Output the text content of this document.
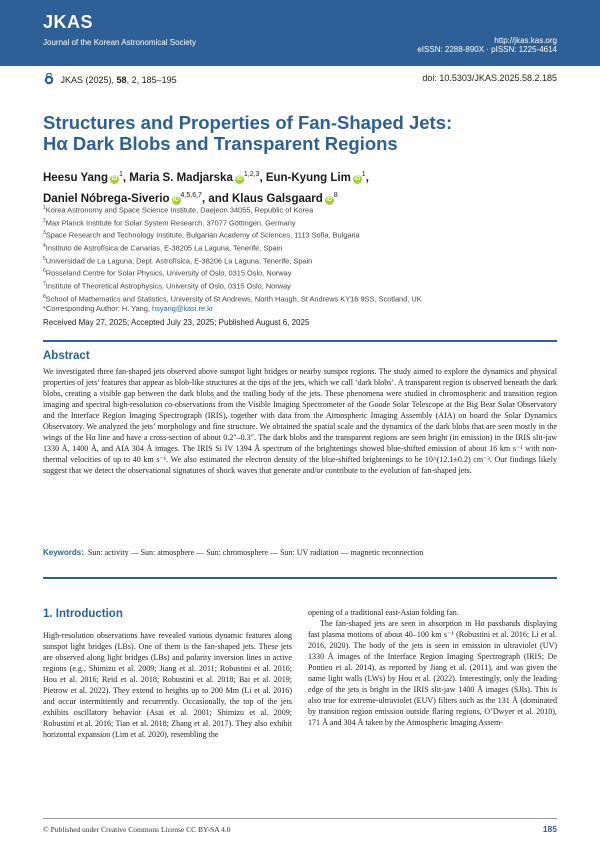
JKAS
Journal of the Korean Astronomical Society	http://jkas.kas.org
eISSN: 2288-890X · pISSN: 1225-4614
JKAS (2025), 58, 2, 185–195	doi: 10.5303/JKAS.2025.58.2.185
Structures and Properties of Fan-Shaped Jets:
Hα Dark Blobs and Transparent Regions
Heesu Yang $iD^1$, Maria S. Madjarska iD$^{1,2,3}$, Eun-Kyung Lim $iD^1$,
Daniel Nóbrega-Siverio iD$^{4,5,6,7}$, and Klaus Galsgaard $iD^8$
$^1$Korea Astronomy and Space Science Institute, Daejeon 34055, Republic of Korea
$^2$Max Planck Institute for Solar System Research, 37077 Göttingen, Germany
$^3$Space Research and Technology Institute, Bulgarian Academy of Sciences, 1113 Sofia, Bulgaria
$^4$Instituto de Astrofísica de Canarias, E-38205 La Laguna, Tenerife, Spain
$^5$Universidad de La Laguna, Dept. Astrofísica, E-38206 La Laguna, Tenerife, Spain
$^6$Rosseland Centre for Solar Physics, University of Oslo, 0315 Oslo, Norway
$^7$Institute of Theoretical Astrophysics, University of Oslo, 0315 Oslo, Norway
$^8$School of Mathematics and Statistics, University of St Andrews, North Haugh, St Andrews KY16 9SS, Scotland, UK
*Corresponding Author: H. Yang, hsyang@kasi.re.kr
Received May 27, 2025; Accepted July 23, 2025; Published August 6, 2025
Abstract
We investigated three fan-shaped jets observed above sunspot light bridges or nearby sunspot regions. The study aimed to explore the dynamics and physical properties of jets’ features that appear as blob-like structures at the tips of the jets, which we call ‘dark blobs’. A transparent region is observed beneath the dark blobs, creating a visible gap between the dark blobs and the trailing body of the jets. These phenomena were studied in chromospheric and transition region imaging and spectral high-resolution co-observations from the Visible Imaging Spectrometer of the Goode Solar Telescope at the Big Bear Solar Observatory and the Interface Region Imaging Spectrograph (IRIS), together with data from the Atmospheric Imaging Assembly (AIA) on board the Solar Dynamics Observatory. We analyzed the jets’ morphology and fine structure. We obtained the spatial scale and the dynamics of the dark blobs that are seen mostly in the wings of the Hα line and have a cross-section of about 0.2″–0.3″. The dark blobs and the transparent regions are seen bright (in emission) in the IRIS slit-jaw 1330 Å, 1400 Å, and AIA 304 Å images. The IRIS Si IV 1394 Å spectrum of the brightenings showed blue-shifted emission of about 16 km s⁻¹ with non-thermal velocities of up to 40 km s⁻¹. We also estimated the electron density of the blue-shifted brightenings to be 10^(12.1±0.2) cm⁻³. Our findings likely suggest that we detect the observational signatures of shock waves that generate and/or contribute to the evolution of fan-shaped jets.
Keywords: Sun: activity — Sun: atmosphere — Sun: chromosphere — Sun: UV radiation — magnetic reconnection
1. Introduction

High-resolution observations have revealed various dynamic features along sunspot light bridges (LBs). One of them is the fan-shaped jets. These jets are observed along light bridges (LBs) and polarity inversion lines in active regions (e.g., Shimizu et al. 2009; Jiang et al. 2011; Robustini et al. 2016; Hou et al. 2016; Reid et al. 2018; Robustini et al. 2018; Bai et al. 2019; Pietrow et al. 2022). They extend to heights up to 200 Mm (Li et al. 2016) and occur intermittently and recurrently. Occasionally, the top of the jets exhibits oscillatory behavior (Asai et al. 2001; Shimizu et al. 2009; Robustini et al. 2016; Tian et al. 2018; Zhang et al. 2017). They also exhibit horizontal expansion (Lim et al. 2020), resembling the

opening of a traditional east-Asian folding fan.

The fan-shaped jets are seen in absorption in Hα passbands displaying fast plasma motions of about 40–100 km s⁻¹ (Robustini et al. 2016; Li et al. 2016, 2020). The body of the jets is seen in emission in ultraviolet (UV) 1330 Å images of the Interface Region Imaging Spectrograph (IRIS; De Pontieu et al. 2014), as reported by Jiang et al. (2011), and was given the name light walls (LWs) by Hou et al. (2022). Interestingly, only the leading edge of the jets is bright in the IRIS slit-jaw 1400 Å images (SJIs). This is also true for extreme-ultraviolet (EUV) filters such as the 131 Å (dominated by transition region emission outside flaring regions, O’Dwyer et al. 2010), 171 Å and 304 Å taken by the Atmospheric Imaging Assem-

© Published under Creative Commons License CC BY-SA 4.0	185
